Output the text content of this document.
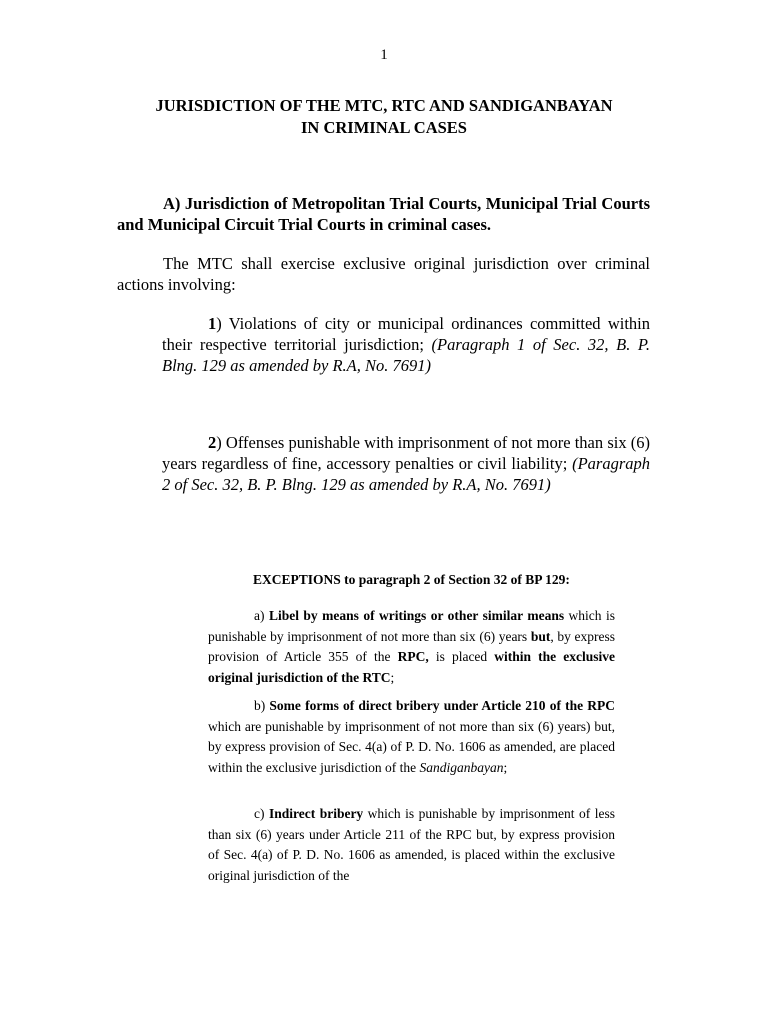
1

JURISDICTION OF THE MTC, RTC AND SANDIGANBAYAN

IN CRIMINAL CASES

A) Jurisdiction of Metropolitan Trial Courts, Municipal Trial Courts and Municipal Circuit Trial Courts in criminal cases.

The MTC shall exercise exclusive original jurisdiction over criminal actions involving:

1) Violations of city or municipal ordinances committed within their respective territorial jurisdiction; (Paragraph 1 of Sec. 32, B. P. Blng. 129 as amended by R.A, No. 7691)

2) Offenses punishable with imprisonment of not more than six (6) years regardless of fine, accessory penalties or civil liability; (Paragraph 2 of Sec. 32, B. P. Blng. 129 as amended by R.A, No. 7691)

EXCEPTIONS to paragraph 2 of Section 32 of BP 129:

a) Libel by means of writings or other similar means which is punishable by imprisonment of not more than six (6) years but, by express provision of Article 355 of the RPC, is placed within the exclusive original jurisdiction of the RTC;

b) Some forms of direct bribery under Article 210 of the RPC which are punishable by imprisonment of not more than six (6) years) but, by express provision of Sec. 4(a) of P. D. No. 1606 as amended, are placed within the exclusive jurisdiction of the Sandiganbayan;

c) Indirect bribery which is punishable by imprisonment of less than six (6) years under Article 211 of the RPC but, by express provision of Sec. 4(a) of P. D. No. 1606 as amended, is placed within the exclusive original jurisdiction of the
